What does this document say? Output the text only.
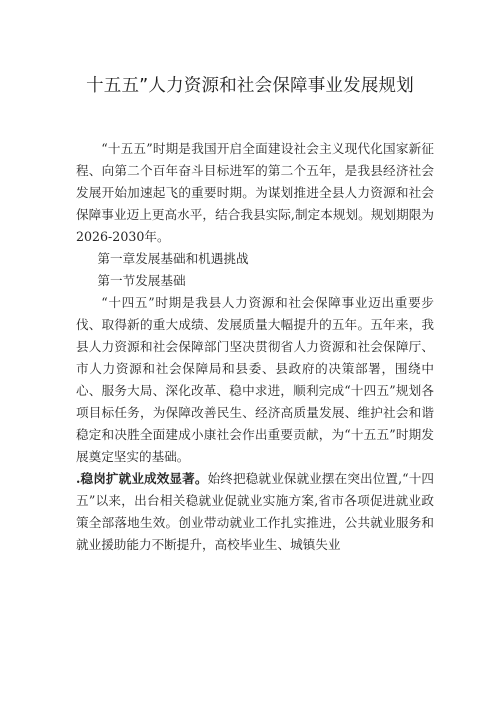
十五五”人力资源和社会保障事业发展规划

“十五五”时期是我国开启全面建设社会主义现代化国家新征程、向第二个百年奋斗目标进军的第二个五年，是我县经济社会发展开始加速起飞的重要时期。为谋划推进全县人力资源和社会保障事业迈上更高水平，结合我县实际,制定本规划。规划期限为2026-2030年。

第一章发展基础和机遇挑战

第一节发展基础

“十四五”时期是我县人力资源和社会保障事业迈出重要步伐、取得新的重大成绩、发展质量大幅提升的五年。五年来，我县人力资源和社会保障部门坚决贯彻省人力资源和社会保障厅、市人力资源和社会保障局和县委、县政府的决策部署，围绕中心、服务大局、深化改革、稳中求进，顺利完成“十四五”规划各项目标任务，为保障改善民生、经济高质量发展、维护社会和谐稳定和决胜全面建成小康社会作出重要贡献，为“十五五”时期发展奠定坚实的基础。

.稳岗扩就业成效显著。始终把稳就业保就业摆在突出位置,“十四五”以来，出台相关稳就业促就业实施方案,省市各项促进就业政策全部落地生效。创业带动就业工作扎实推进，公共就业服务和就业援助能力不断提升，高校毕业生、城镇失业
